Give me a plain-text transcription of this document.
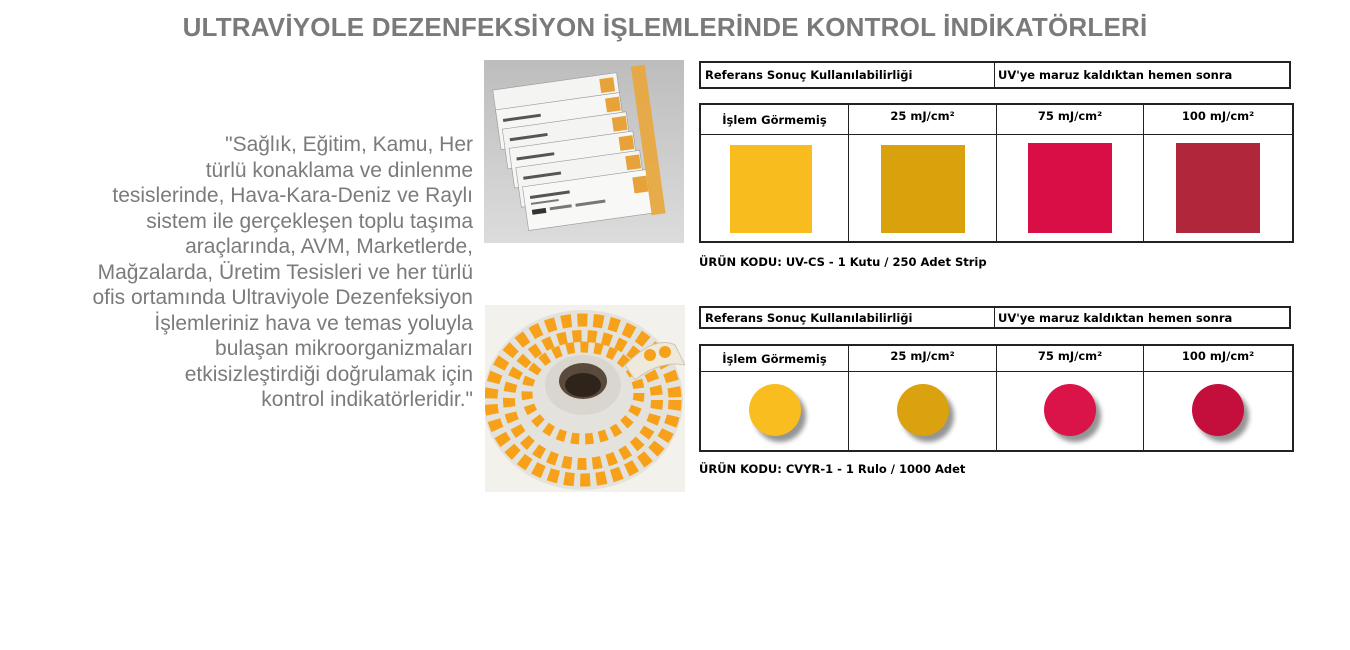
ULTRAVİYOLE DEZENFEKSİYON İŞLEMLERİNDE KONTROL İNDİKATÖRLERİ
"Sağlık, Eğitim, Kamu, Her
türlü konaklama ve dinlenme
tesislerinde, Hava-Kara-Deniz ve Raylı
sistem ile gerçekleşen toplu taşıma
araçlarında, AVM, Marketlerde,
Mağzalarda, Üretim Tesisleri ve her türlü
ofis ortamında Ultraviyole Dezenfeksiyon
İşlemleriniz hava ve temas yoluyla
bulaşan mikroorganizmaları
etkisizleştirdiği doğrulamak için
kontrol indikatörleridir."
Referans Sonuç Kullanılabilirliği	UV'ye maruz kaldıktan hemen sonra
İşlem Görmemiş	25 mJ/cm²	75 mJ/cm²	100 mJ/cm²
ÜRÜN KODU: UV-CS - 1 Kutu / 250 Adet Strip
Referans Sonuç Kullanılabilirliği	UV'ye maruz kaldıktan hemen sonra
İşlem Görmemiş	25 mJ/cm²	75 mJ/cm²	100 mJ/cm²
ÜRÜN KODU: CVYR-1 - 1 Rulo / 1000 Adet
